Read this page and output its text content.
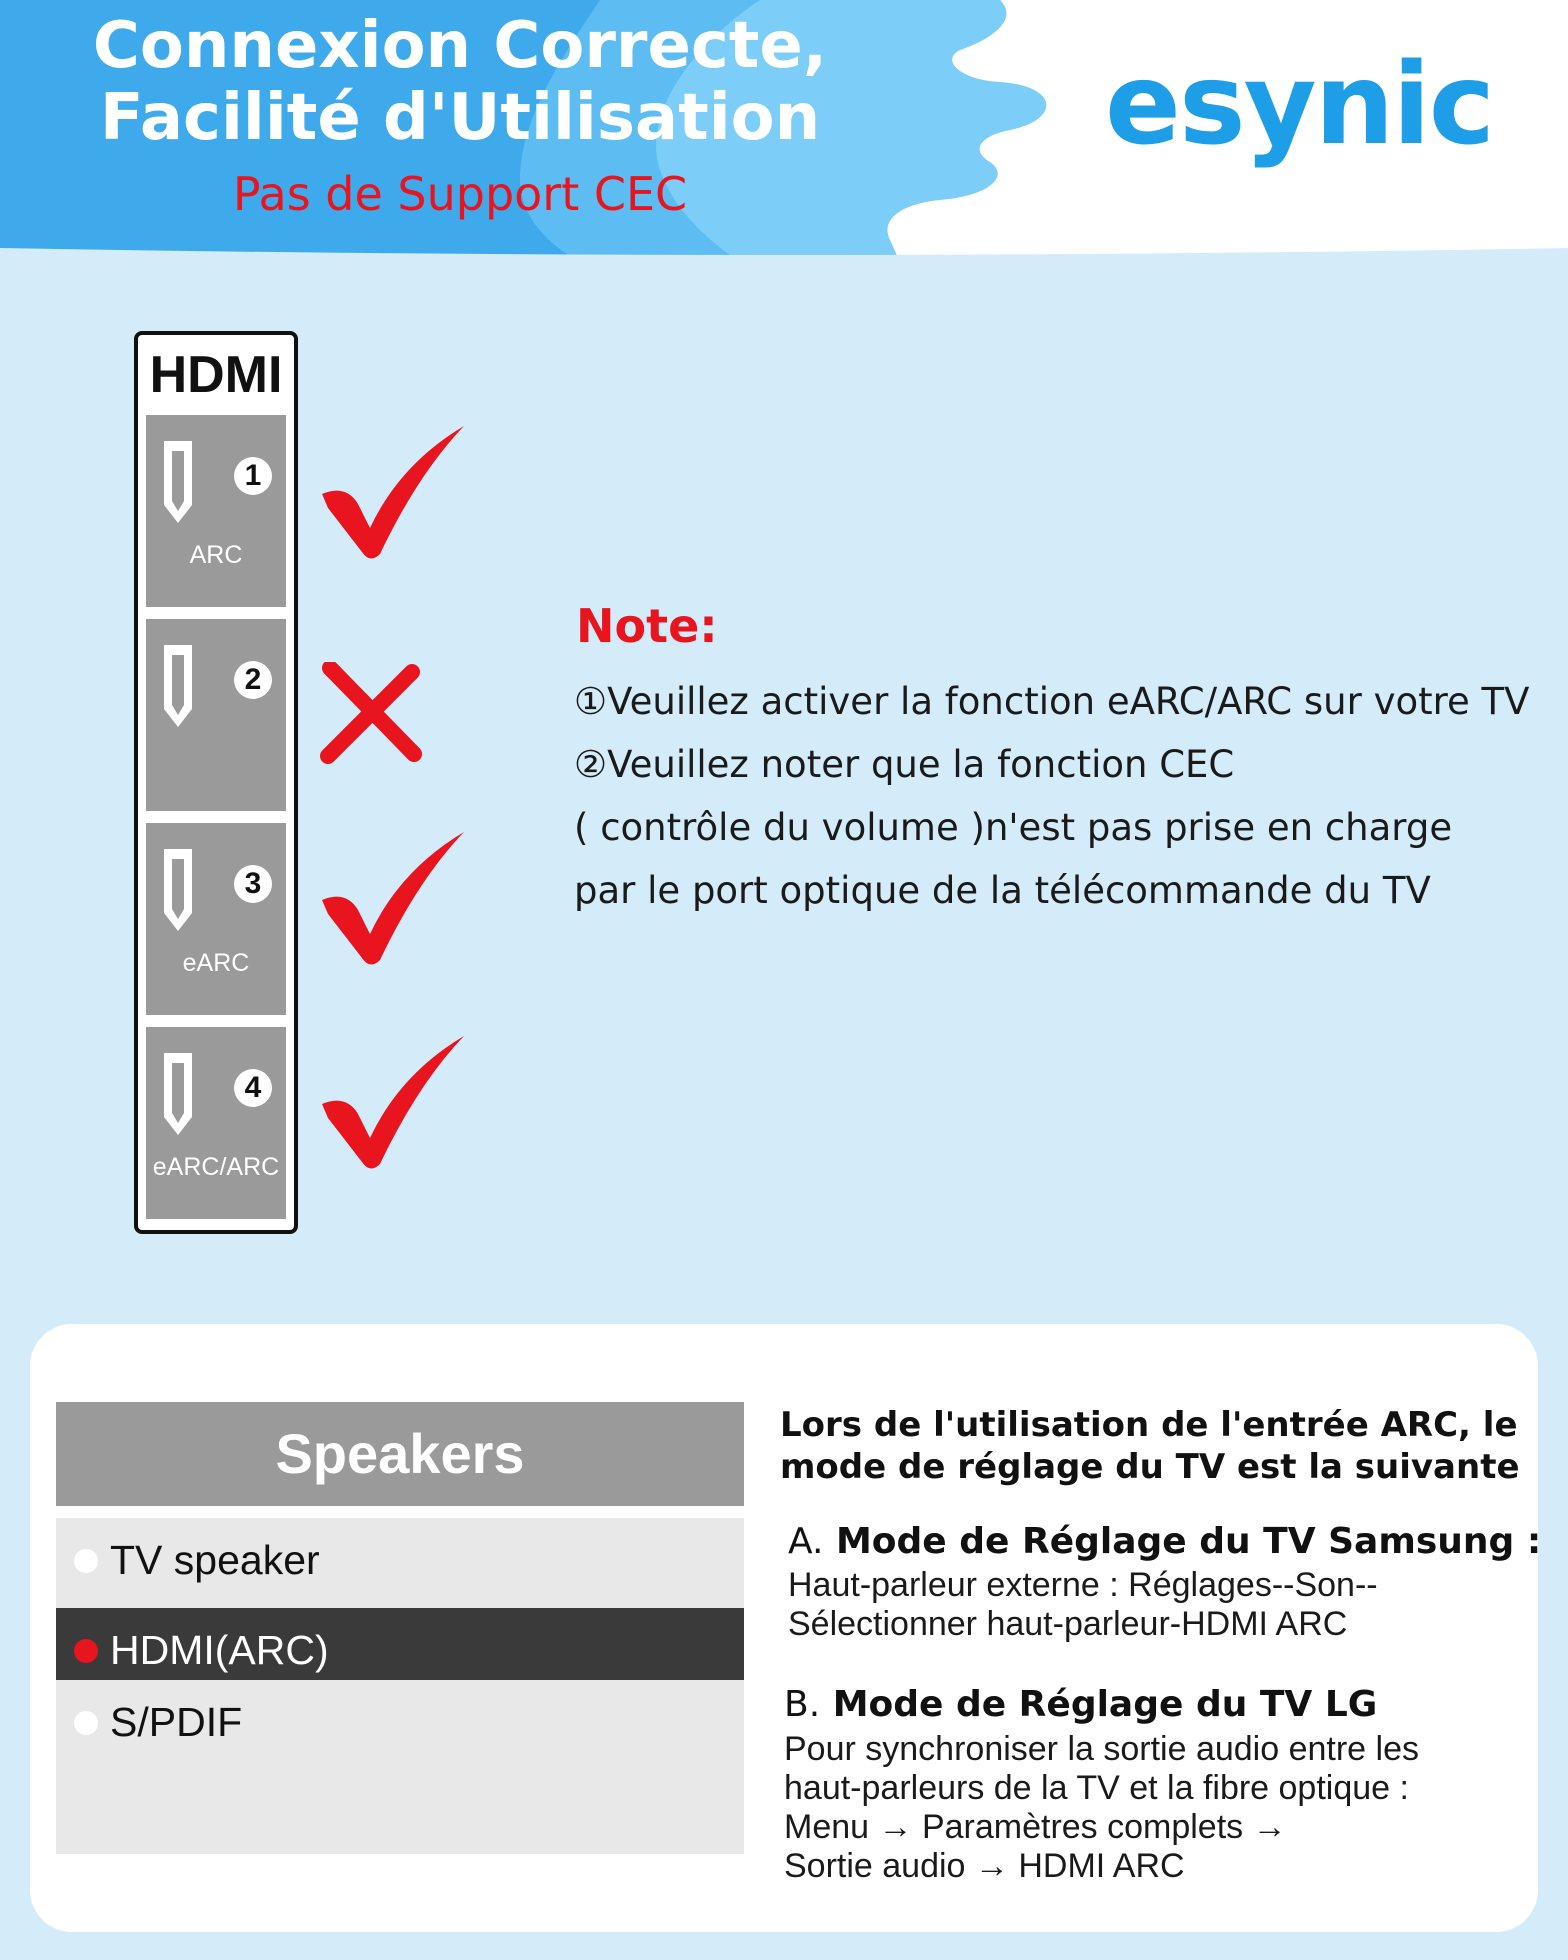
Connexion Correcte,
Facilité d'Utilisation
Pas de Support CEC
esynic
HDMI
1
ARC
2
3
eARC
4
eARC/ARC
Note:
①Veuillez activer la fonction eARC/ARC sur votre TV
②Veuillez noter que la fonction CEC
( contrôle du volume )n'est pas prise en charge
par le port optique de la télécommande du TV
Speakers
TV speaker
HDMI(ARC)
S/PDIF
Lors de l'utilisation de l'entrée ARC, le
mode de réglage du TV est la suivante
A. Mode de Réglage du TV Samsung :
Haut-parleur externe : Réglages--Son--
Sélectionner haut-parleur-HDMI ARC
B. Mode de Réglage du TV LG
Pour synchroniser la sortie audio entre les
haut-parleurs de la TV et la fibre optique :
Menu → Paramètres complets →
Sortie audio → HDMI ARC
